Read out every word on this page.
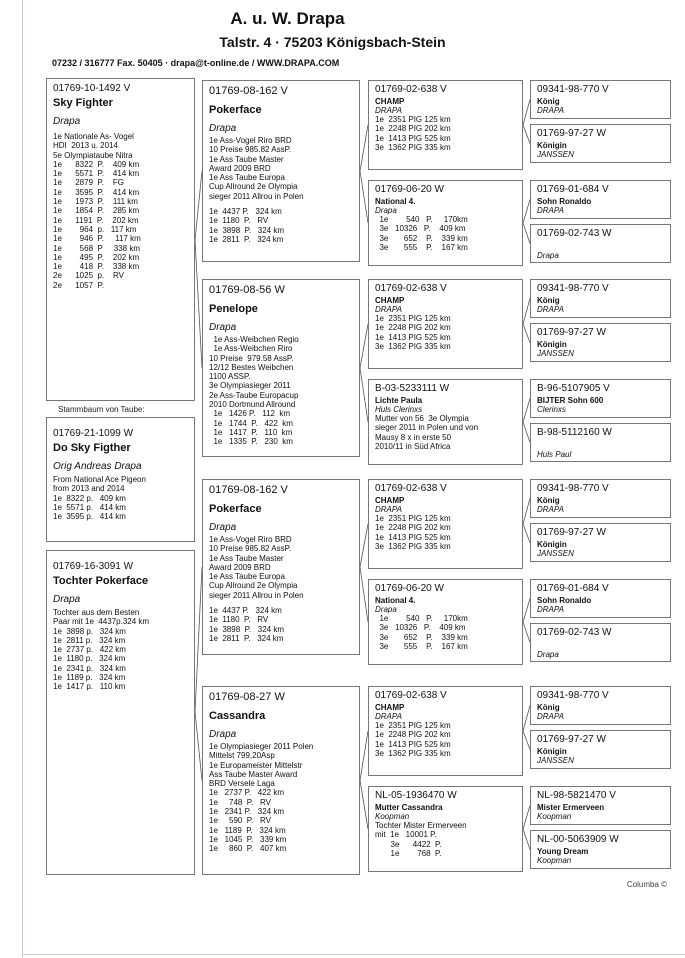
A. u. W. Drapa
Talstr. 4 · 75203 Königsbach-Stein
07232 / 316777 Fax. 50405 · drapa@t-online.de / WWW.DRAPA.COM
01769-10-1492 V
Sky Fighter
Drapa
1e Nationale As- Vogel
HDI  2013 u. 2014
5e Olympiataube Nitra
1e      8322  P.    409 km
1e      5571  P.    414 km
1e      2879  P.    FG
1e      3595  P.    414 km
1e      1973  P.    111 km
1e      1854  P.    285 km
1e      1191  P.    202 km
1e        964  p.   117 km
1e        946  P.     117 km
1e        568  P     338 km
1e        495  P.    202 km
1e        418  P.    338 km
2e      1025  p.    RV
2e      1057  P.
Stammbaum von Taube:
01769-21-1099 W
Do Sky Figther
Orig Andreas Drapa
From National Ace Pigeon
from 2013 and 2014
1e  8322 p.   409 km
1e  5571 p.   414 km
1e  3595 p.   414 km
01769-16-3091 W
Tochter Pokerface
Drapa
Tochter aus dem Besten
Paar mit 1e  4437p.324 km
1e  3898 p.   324 km
1e  2811 p.   324 km
1e  2737 p.   422 km
1e  1180 p.   324 km
1e  2341 p.   324 km
1e  1189 p.   324 km
1e  1417 p.   110 km
01769-08-162 V
Pokerface
Drapa
1e Ass-Vogel Riro BRD
10 Preise 985.82 AssP.
1e Ass Taube Master
Award 2009 BRD
1e Ass Taube Europa
Cup Allround 2e Olympia
sieger 2011 Allrou in Polen
1e  4437 P.   324 km
1e  1180  P.   RV
1e  3898  P.   324 km
1e  2811  P.   324 km
01769-08-56 W
Penelope
Drapa
1e Ass-Weibchen Regio
1e Ass-Weibchen Riro
10 Preise  979.58 AssP.
12/12 Bestes Weibchen
1100 ASSP.
3e Olympiasieger 2011
2e Ass-Taube Europacup
2010 Dortmund Allround
1e   1426 P.   112  km
1e   1744  P.   422  km
1e   1417  P.   110  km
1e   1335  P.   230  km
01769-08-162 V
Pokerface
Drapa
1e Ass-Vogel Riro BRD
10 Preise 985.82 AssP.
1e Ass Taube Master
Award 2009 BRD
1e Ass Taube Europa
Cup Allround 2e Olympia
sieger 2011 Allrou in Polen
1e  4437 P.   324 km
1e  1180  P.   RV
1e  3898  P.   324 km
1e  2811  P.   324 km
01769-08-27 W
Cassandra
Drapa
1e Olympiasieger 2011 Polen
Mittelst 799,20Asp
1e Europameister Mittelstr
Ass Taube Master Award
BRD Versele Laga
1e   2737 P.   422 km
1e     748  P.   RV
1e   2341 P.   324 km
1e     590  P.   RV
1e   1189  P.   324 km
1e   1045  P.   339 km
1e     860  P.   407 km
01769-02-638 V
CHAMP
DRAPA
1e  2351 PIG 125 km
1e  2248 PIG 202 km
1e  1413 PIG 525 km
3e  1362 PIG 335 km
01769-06-20 W
National 4.
Drapa
1e        540   P.     170km
3e   10326   P.    409 km
3e       652    P.    339 km
3e       555    P.    167 km
01769-02-638 V
CHAMP
DRAPA
1e  2351 PIG 125 km
1e  2248 PIG 202 km
1e  1413 PIG 525 km
3e  1362 PIG 335 km
B-03-5233111 W
Lichte Paula
Huls Clerinxs
Mutter von 56  3e Olympia
sieger 2011 in Polen und von
Mausy 8 x in erste 50
2010/11 in Süd Africa
01769-02-638 V
CHAMP
DRAPA
1e  2351 PIG 125 km
1e  2248 PIG 202 km
1e  1413 PIG 525 km
3e  1362 PIG 335 km
01769-06-20 W
National 4.
Drapa
1e        540   P.     170km
3e   10326   P.    409 km
3e       652    P.    339 km
3e       555    P.    167 km
01769-02-638 V
CHAMP
DRAPA
1e  2351 PIG 125 km
1e  2248 PIG 202 km
1e  1413 PIG 525 km
3e  1362 PIG 335 km
NL-05-1936470 W
Mutter Cassandra
Koopman
Tochter Mister Ermerveen
mit  1e   10001 P.
3e      4422  P.
1e        768  P.
09341-98-770 V
König
DRAPA
01769-97-27 W
Königin
JANSSEN
01769-01-684 V
Sohn Ronaldo
DRAPA
01769-02-743 W
Drapa
09341-98-770 V
König
DRAPA
01769-97-27 W
Königin
JANSSEN
B-96-5107905 V
BIJTER Sohn 600
Clerinxs
B-98-5112160 W
Huls Paul
09341-98-770 V
König
DRAPA
01769-97-27 W
Königin
JANSSEN
01769-01-684 V
Sohn Ronaldo
DRAPA
01769-02-743 W
Drapa
09341-98-770 V
König
DRAPA
01769-97-27 W
Königin
JANSSEN
NL-98-5821470 V
Mister Ermerveen
Koopman
NL-00-5063909 W
Young Dream
Koopman
Columba ©
